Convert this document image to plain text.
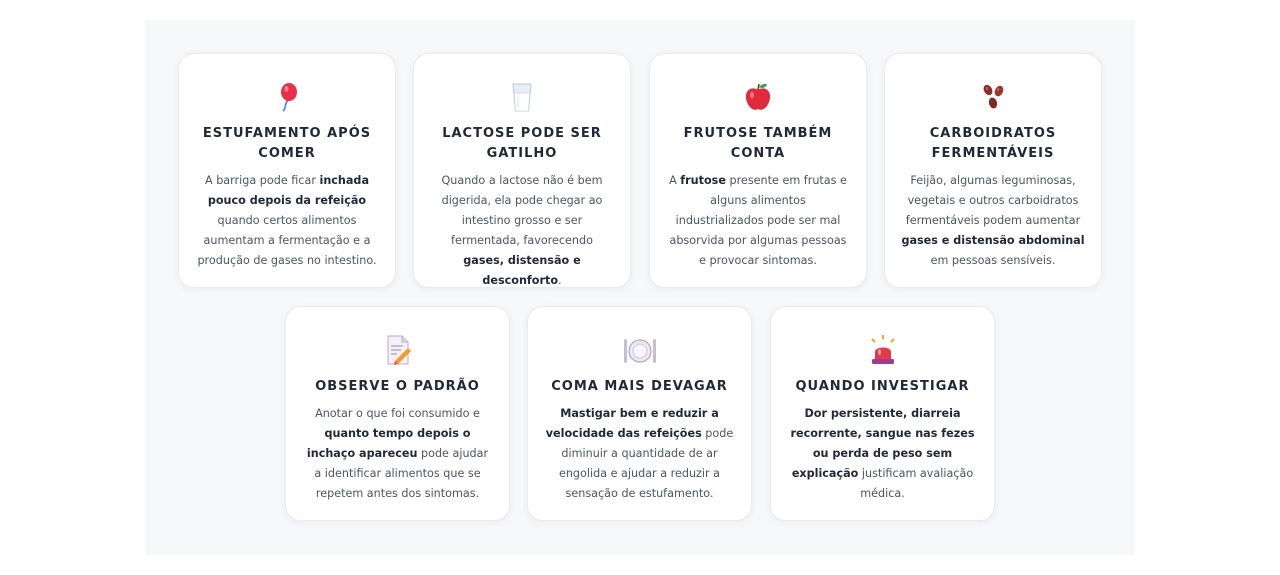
ESTUFAMENTO APÓS COMER
A barriga pode ficar inchada pouco depois da refeição quando certos alimentos aumentam a fermentação e a produção de gases no intestino.
LACTOSE PODE SER GATILHO
Quando a lactose não é bem digerida, ela pode chegar ao intestino grosso e ser fermentada, favorecendo gases, distensão e desconforto.
FRUTOSE TAMBÉM CONTA
A frutose presente em frutas e alguns alimentos industrializados pode ser mal absorvida por algumas pessoas e provocar sintomas.
CARBOIDRATOS FERMENTÁVEIS
Feijão, algumas leguminosas, vegetais e outros carboidratos fermentáveis podem aumentar gases e distensão abdominal em pessoas sensíveis.
OBSERVE O PADRÃO
Anotar o que foi consumido e quanto tempo depois o inchaço apareceu pode ajudar a identificar alimentos que se repetem antes dos sintomas.
COMA MAIS DEVAGAR
Mastigar bem e reduzir a velocidade das refeições pode diminuir a quantidade de ar engolida e ajudar a reduzir a sensação de estufamento.
QUANDO INVESTIGAR
Dor persistente, diarreia recorrente, sangue nas fezes ou perda de peso sem explicação justificam avaliação médica.
